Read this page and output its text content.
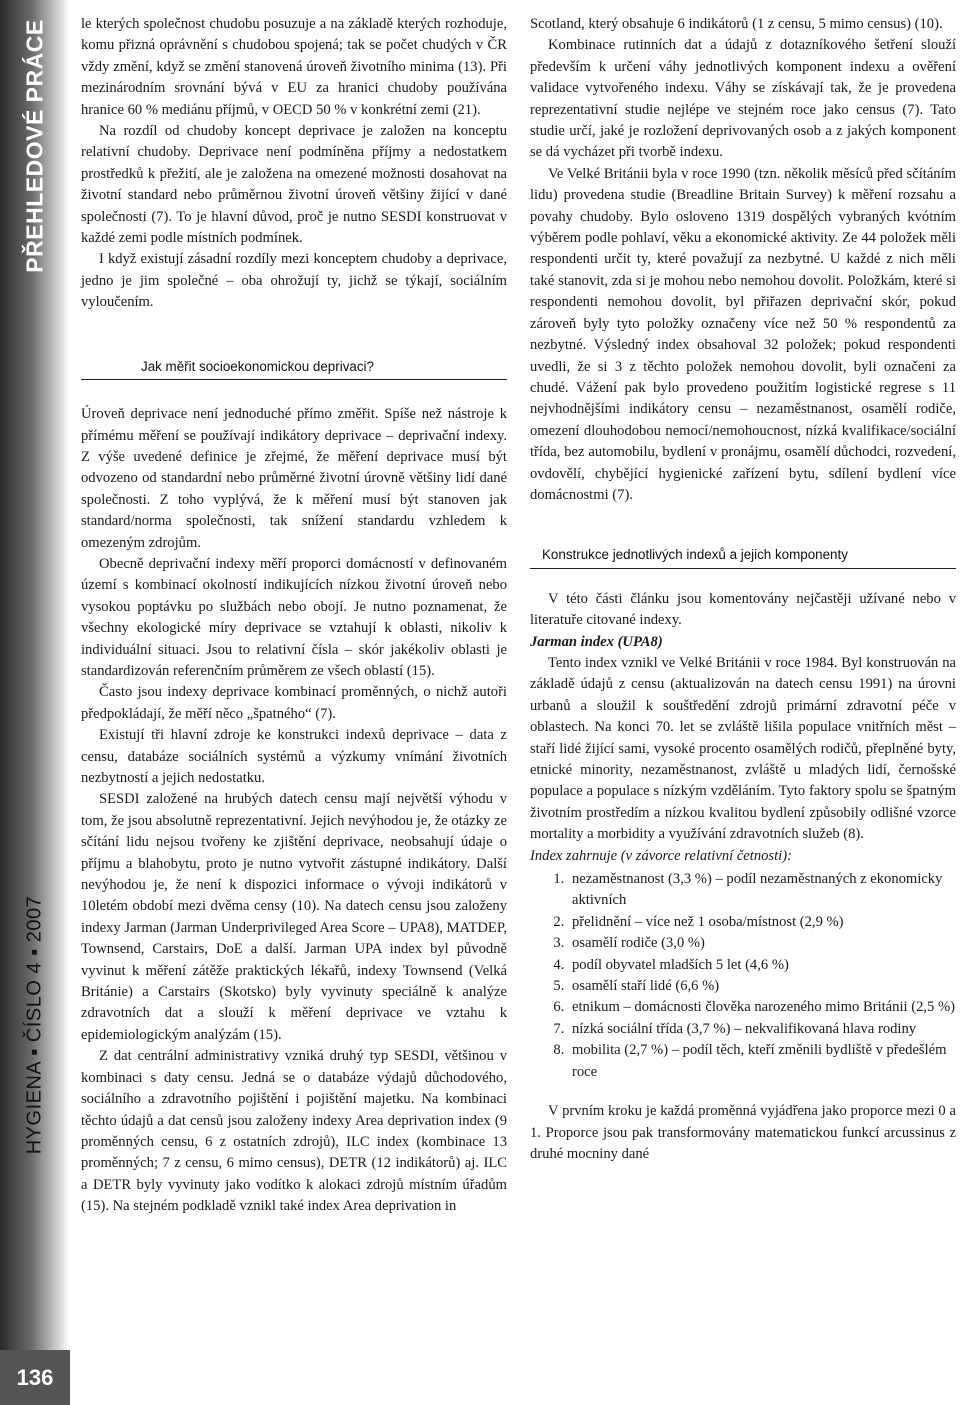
PŘEHLEDOVÉ PRÁCE
HYGIENA ▪ ČÍSLO 4 ▪ 2007
136

le kterých společnost chudobu posuzuje a na základě kterých rozhoduje, komu přizná oprávnění s chudobou spojená; tak se počet chudých v ČR vždy změní, když se změní stanovená úroveň životního minima (13). Při mezinárodním srovnání bývá v EU za hranici chudoby používána hranice 60 % mediánu příjmů, v OECD 50 % v konkrétní zemi (21).

Na rozdíl od chudoby koncept deprivace je založen na konceptu relativní chudoby. Deprivace není podmíněna příjmy a nedostatkem prostředků k přežití, ale je založena na omezené možnosti dosahovat na životní standard nebo průměrnou životní úroveň většiny žijící v dané společnosti (7). To je hlavní důvod, proč je nutno SESDI konstruovat v každé zemi podle místních podmínek.

I když existují zásadní rozdíly mezi konceptem chudoby a deprivace, jedno je jim společné – oba ohrožují ty, jichž se týkají, sociálním vyloučením.

Jak měřit socioekonomickou deprivaci?

Úroveň deprivace není jednoduché přímo změřit. Spíše než nástroje k přímému měření se používají indikátory deprivace – deprivační indexy. Z výše uvedené definice je zřejmé, že měření deprivace musí být odvozeno od standardní nebo průměrné životní úrovně většiny lidí dané společnosti. Z toho vyplývá, že k měření musí být stanoven jak standard/norma společnosti, tak snížení standardu vzhledem k omezeným zdrojům.

Obecně deprivační indexy měří proporci domácností v definovaném území s kombinací okolností indikujících nízkou životní úroveň nebo vysokou poptávku po službách nebo obojí. Je nutno poznamenat, že všechny ekologické míry deprivace se vztahují k oblasti, nikoliv k individuální situaci. Jsou to relativní čísla – skór jakékoliv oblasti je standardizován referenčním průměrem ze všech oblastí (15).

Často jsou indexy deprivace kombinací proměnných, o nichž autoři předpokládají, že měří něco „špatného“ (7).

Existují tři hlavní zdroje ke konstrukci indexů deprivace – data z censu, databáze sociálních systémů a výzkumy vnímání životních nezbytností a jejich nedostatku.

SESDI založené na hrubých datech censu mají největší výhodu v tom, že jsou absolutně reprezentativní. Jejich nevýhodou je, že otázky ze sčítání lidu nejsou tvořeny ke zjištění deprivace, neobsahují údaje o příjmu a blahobytu, proto je nutno vytvořit zástupné indikátory. Další nevýhodou je, že není k dispozici informace o vývoji indikátorů v 10letém období mezi dvěma censy (10). Na datech censu jsou založeny indexy Jarman (Jarman Underprivileged Area Score – UPA8), MATDEP, Townsend, Carstairs, DoE a další. Jarman UPA index byl původně vyvinut k měření zátěže praktických lékařů, indexy Townsend (Velká Británie) a Carstairs (Skotsko) byly vyvinuty speciálně k analýze zdravotních dat a slouží k měření deprivace ve vztahu k epidemiologickým analýzám (15).

Z dat centrální administrativy vzniká druhý typ SESDI, většinou v kombinaci s daty censu. Jedná se o databáze výdajů důchodového, sociálního a zdravotního pojištění i pojištění majetku. Na kombinaci těchto údajů a dat censů jsou založeny indexy Area deprivation index (9 proměnných censu, 6 z ostatních zdrojů), ILC index (kombinace 13 proměnných; 7 z censu, 6 mimo census), DETR (12 indikátorů) aj. ILC a DETR byly vyvinuty jako vodítko k alokaci zdrojů místním úřadům (15). Na stejném podkladě vznikl také index Area deprivation in

Scotland, který obsahuje 6 indikátorů (1 z censu, 5 mimo census) (10).

Kombinace rutinních dat a údajů z dotazníkového šetření slouží především k určení váhy jednotlivých komponent indexu a ověření validace vytvořeného indexu. Váhy se získávají tak, že je provedena reprezentativní studie nejlépe ve stejném roce jako census (7). Tato studie určí, jaké je rozložení deprivovaných osob a z jakých komponent se dá vycházet při tvorbě indexu.

Ve Velké Británii byla v roce 1990 (tzn. několik měsíců před sčítáním lidu) provedena studie (Breadline Britain Survey) k měření rozsahu a povahy chudoby. Bylo osloveno 1319 dospělých vybraných kvótním výběrem podle pohlaví, věku a ekonomické aktivity. Ze 44 položek měli respondenti určit ty, které považují za nezbytné. U každé z nich měli také stanovit, zda si je mohou nebo nemohou dovolit. Položkám, které si respondenti nemohou dovolit, byl přiřazen deprivační skór, pokud zároveň byly tyto položky označeny více než 50 % respondentů za nezbytné. Výsledný index obsahoval 32 položek; pokud respondenti uvedli, že si 3 z těchto položek nemohou dovolit, byli označeni za chudé. Vážení pak bylo provedeno použitím logistické regrese s 11 nejvhodnějšími indikátory censu – nezaměstnanost, osamělí rodiče, omezení dlouhodobou nemocí/nemohoucnost, nízká kvalifikace/sociální třída, bez automobilu, bydlení v pronájmu, osamělí důchodci, rozvedení, ovdovělí, chybějící hygienické zařízení bytu, sdílení bydlení více domácnostmi (7).

Konstrukce jednotlivých indexů a jejich komponenty

V této části článku jsou komentovány nejčastěji užívané nebo v literatuře citované indexy.

Jarman index (UPA8)

Tento index vznikl ve Velké Británii v roce 1984. Byl konstruován na základě údajů z censu (aktualizován na datech censu 1991) na úrovni urbanů a sloužil k souštředění zdrojů primární zdravotní péče v oblastech. Na konci 70. let se zvláště lišila populace vnitřních měst – staří lidé žijící sami, vysoké procento osamělých rodičů, přeplněné byty, etnické minority, nezaměstnanost, zvláště u mladých lidí, černošské populace a populace s nízkým vzděláním. Tyto faktory spolu se špatným životním prostředím a nízkou kvalitou bydlení způsobily odlišné vzorce mortality a morbidity a využívání zdravotních služeb (8).

Index zahrnuje (v závorce relativní četnosti):

1. nezaměstnanost (3,3 %) – podíl nezaměstnaných z ekonomicky aktivních
2. přelidnění – více než 1 osoba/místnost (2,9 %)
3. osamělí rodiče (3,0 %)
4. podíl obyvatel mladších 5 let (4,6 %)
5. osamělí staří lidé (6,6 %)
6. etnikum – domácnosti člověka narozeného mimo Británii (2,5 %)
7. nízká sociální třída (3,7 %) – nekvalifikovaná hlava rodiny
8. mobilita (2,7 %) – podíl těch, kteří změnili bydliště v předešlém roce

V prvním kroku je každá proměnná vyjádřena jako proporce mezi 0 a 1. Proporce jsou pak transformovány matematickou funkcí arcussinus z druhé mocniny dané
